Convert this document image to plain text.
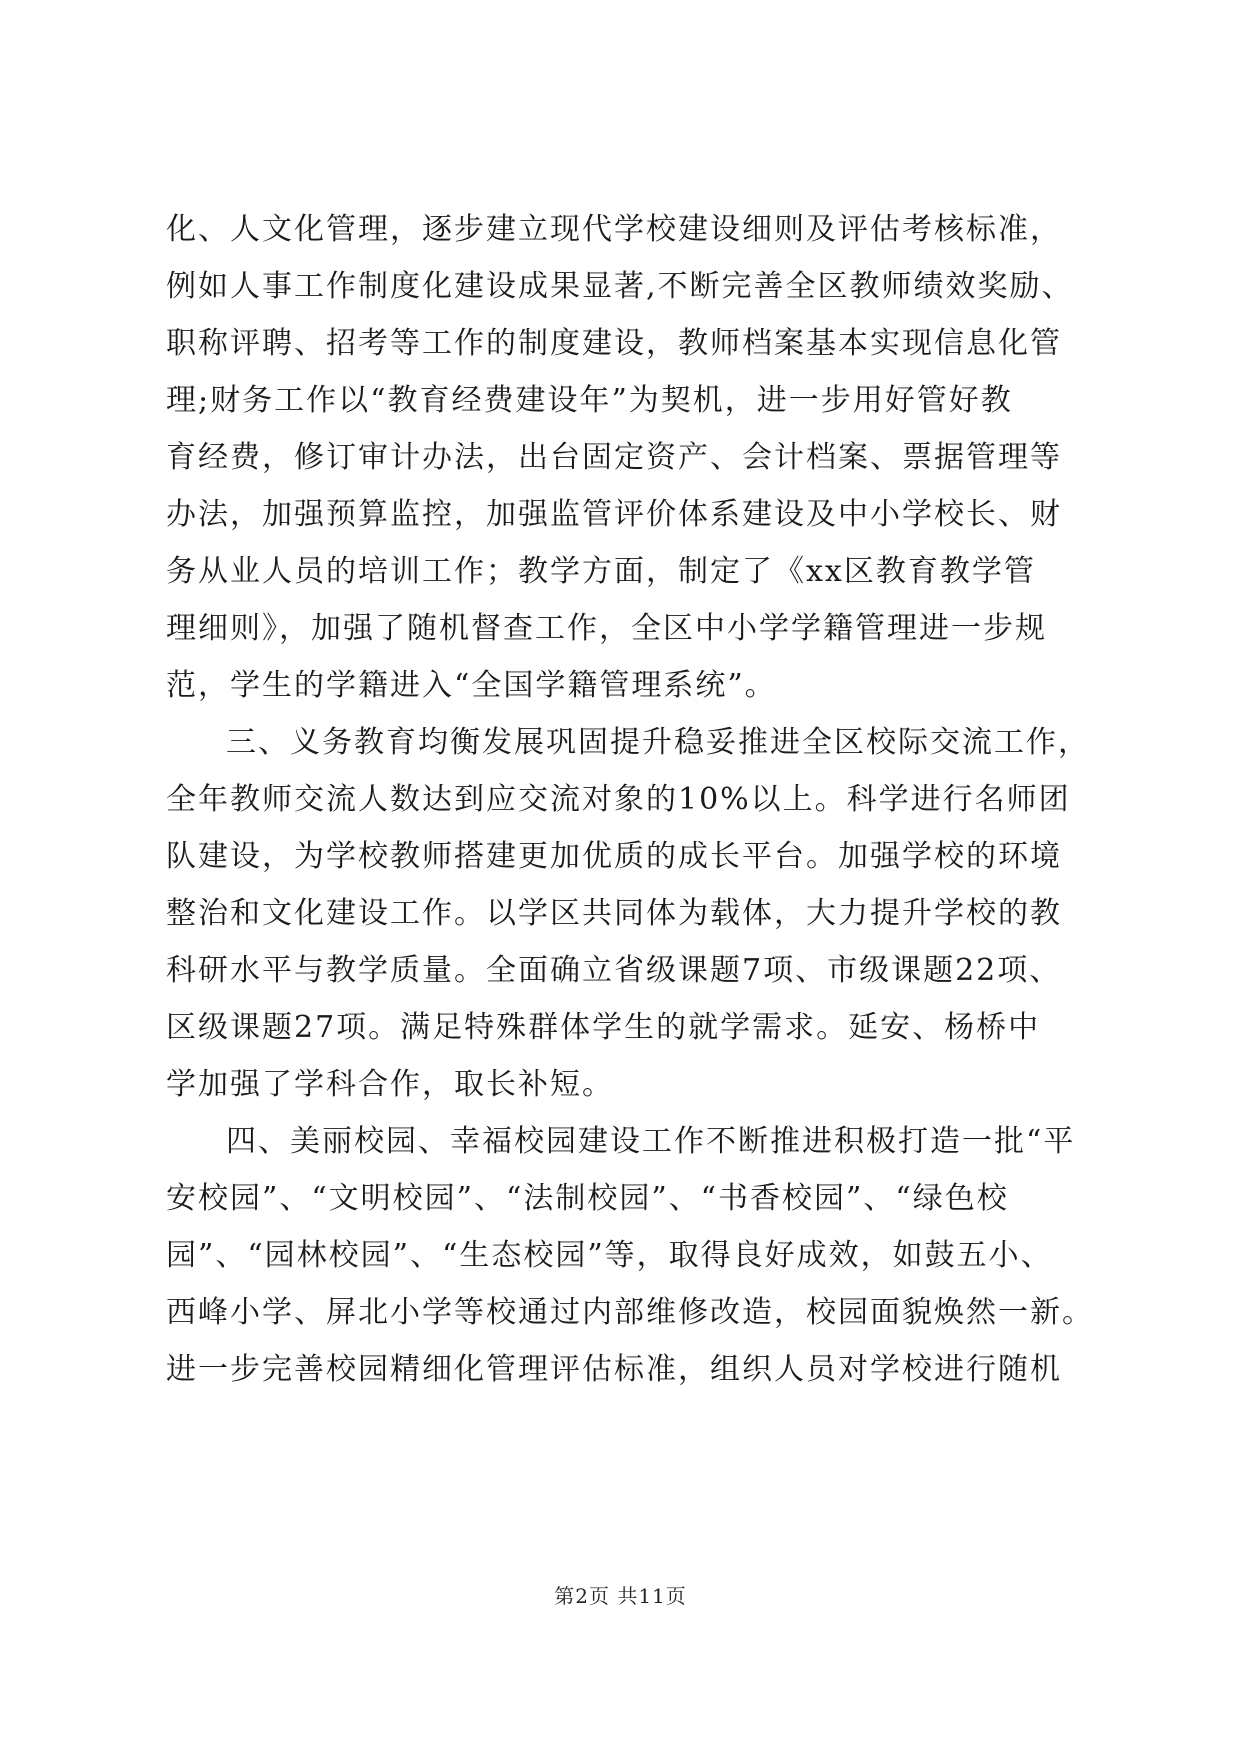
化、人文化管理，逐步建立现代学校建设细则及评估考核标准，
例如人事工作制度化建设成果显著,不断完善全区教师绩效奖励、
职称评聘、招考等工作的制度建设，教师档案基本实现信息化管
理;财务工作以“教育经费建设年”为契机，进一步用好管好教
育经费，修订审计办法，出台固定资产、会计档案、票据管理等
办法，加强预算监控，加强监管评价体系建设及中小学校长、财
务从业人员的培训工作；教学方面，制定了《xx区教育教学管
理细则》，加强了随机督查工作，全区中小学学籍管理进一步规
范，学生的学籍进入“全国学籍管理系统”。
三、义务教育均衡发展巩固提升稳妥推进全区校际交流工作，
全年教师交流人数达到应交流对象的10%以上。科学进行名师团
队建设，为学校教师搭建更加优质的成长平台。加强学校的环境
整治和文化建设工作。以学区共同体为载体，大力提升学校的教
科研水平与教学质量。全面确立省级课题7项、市级课题22项、
区级课题27项。满足特殊群体学生的就学需求。延安、杨桥中
学加强了学科合作，取长补短。
四、美丽校园、幸福校园建设工作不断推进积极打造一批“平
安校园”、“文明校园”、“法制校园”、“书香校园”、“绿色校
园”、“园林校园”、“生态校园”等，取得良好成效，如鼓五小、
西峰小学、屏北小学等校通过内部维修改造，校园面貌焕然一新。
进一步完善校园精细化管理评估标准，组织人员对学校进行随机
第2页 共11页
